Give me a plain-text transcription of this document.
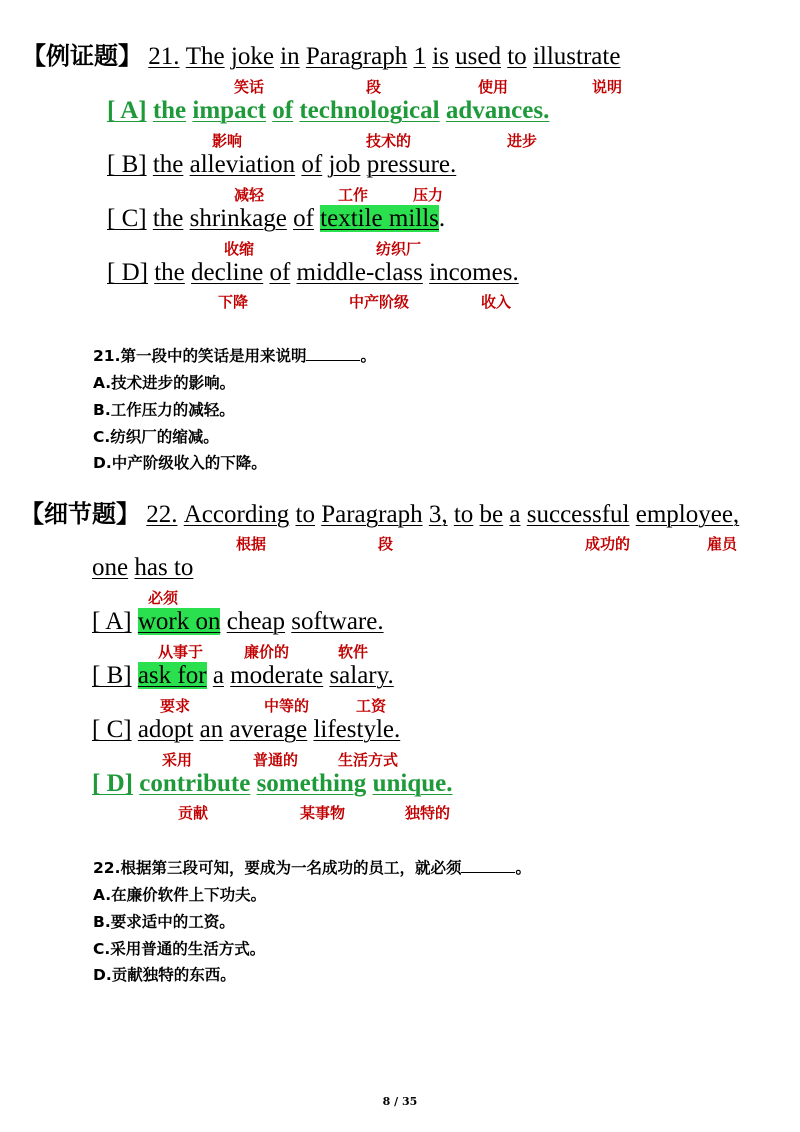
【例证题】 21. The joke in Paragraph 1 is used to illustrate
笑话	段	使用	说明
[ A] the impact of technological advances.
影响	技术的	进步
[ B] the alleviation of job pressure.
减轻	工作	压力
[ C] the shrinkage of textile mills.
收缩	纺织厂
[ D] the decline of middle-class incomes.
下降	中产阶级	收入
21.第一段中的笑话是用来说明	。
A.技术进步的影响。
B.工作压力的减轻。
C.纺织厂的缩减。
D.中产阶级收入的下降。
【细节题】 22. According to Paragraph 3, to be a successful employee,
根据	段	成功的	雇员
one has to
必须
[ A] work on cheap software.
从事于	廉价的	软件
[ B] ask for a moderate salary.
要求	中等的	工资
[ C] adopt an average lifestyle.
采用	普通的	生活方式
[ D] contribute something unique.
贡献	某事物	独特的
22.根据第三段可知，要成为一名成功的员工，就必须	。
A.在廉价软件上下功夫。
B.要求适中的工资。
C.采用普通的生活方式。
D.贡献独特的东西。
8 / 35
